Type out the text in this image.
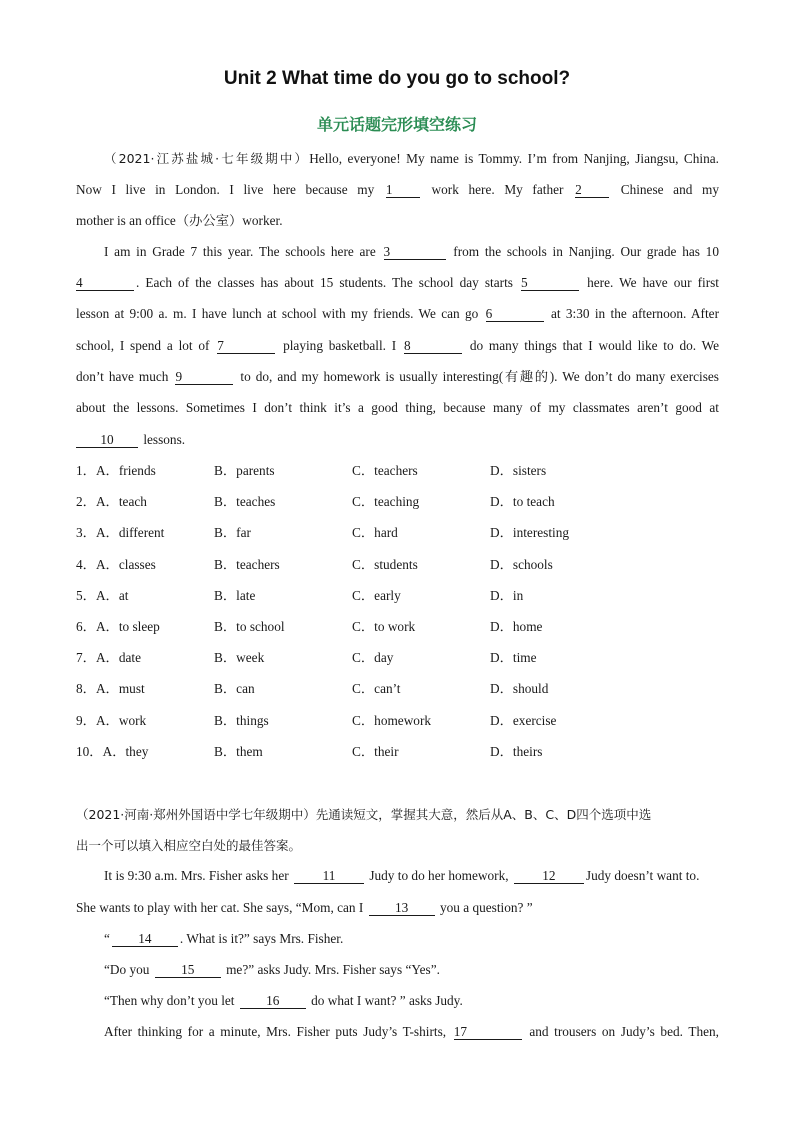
Unit 2 What time do you go to school?
单元话题完形填空练习
（2021·江苏盐城·七年级期中）Hello, everyone! My name is Tommy. I’m from Nanjing, Jiangsu, China.
Now I live in London. I live here because my 1 work here. My father 2 Chinese and my
mother is an office（办公室）worker.
I am in Grade 7 this year. The schools here are 3	from the schools in Nanjing. Our grade has 10
4	. Each of the classes has about 15 students. The school day starts 5	here. We have our first
lesson at 9:00 a. m. I have lunch at school with my friends. We can go 6	at 3:30 in the afternoon. After
school, I spend a lot of 7	playing basketball. I 8	do many things that I would like to do. We
don’t have much 9	to do, and my homework is usually interesting(有趣的). We don’t do many exercises
about the lessons. Sometimes I don’t think it’s a good thing, because many of my classmates aren’t good at
10 lessons.
1．A．friends	B．parents	C．teachers	D．sisters
2．A．teach	B．teaches	C．teaching	D．to teach
3．A．different	B．far	C．hard	D．interesting
4．A．classes	B．teachers	C．students	D．schools
5．A．at	B．late	C．early	D．in
6．A．to sleep	B．to school	C．to work	D．home
7．A．date	B．week	C．day	D．time
8．A．must	B．can	C．can’t	D．should
9．A．work	B．things	C．homework	D．exercise
10．A．they	B．them	C．their	D．theirs
（2021·河南·郑州外国语中学七年级期中）先通读短文，掌握其大意，然后从A、B、C、D四个选项中选
出一个可以填入相应空白处的最佳答案。
It is 9:30 a.m. Mrs. Fisher asks her 11 Judy to do her homework, 12 Judy doesn’t want to.
She wants to play with her cat. She says, “Mom, can I 13 you a question? ”
“ 14 . What is it?” says Mrs. Fisher.
“Do you 15 me?” asks Judy. Mrs. Fisher says “Yes”.
“Then why don’t you let 16 do what I want? ” asks Judy.
After thinking for a minute, Mrs. Fisher puts Judy’s T-shirts, 17	and trousers on Judy’s bed. Then,
